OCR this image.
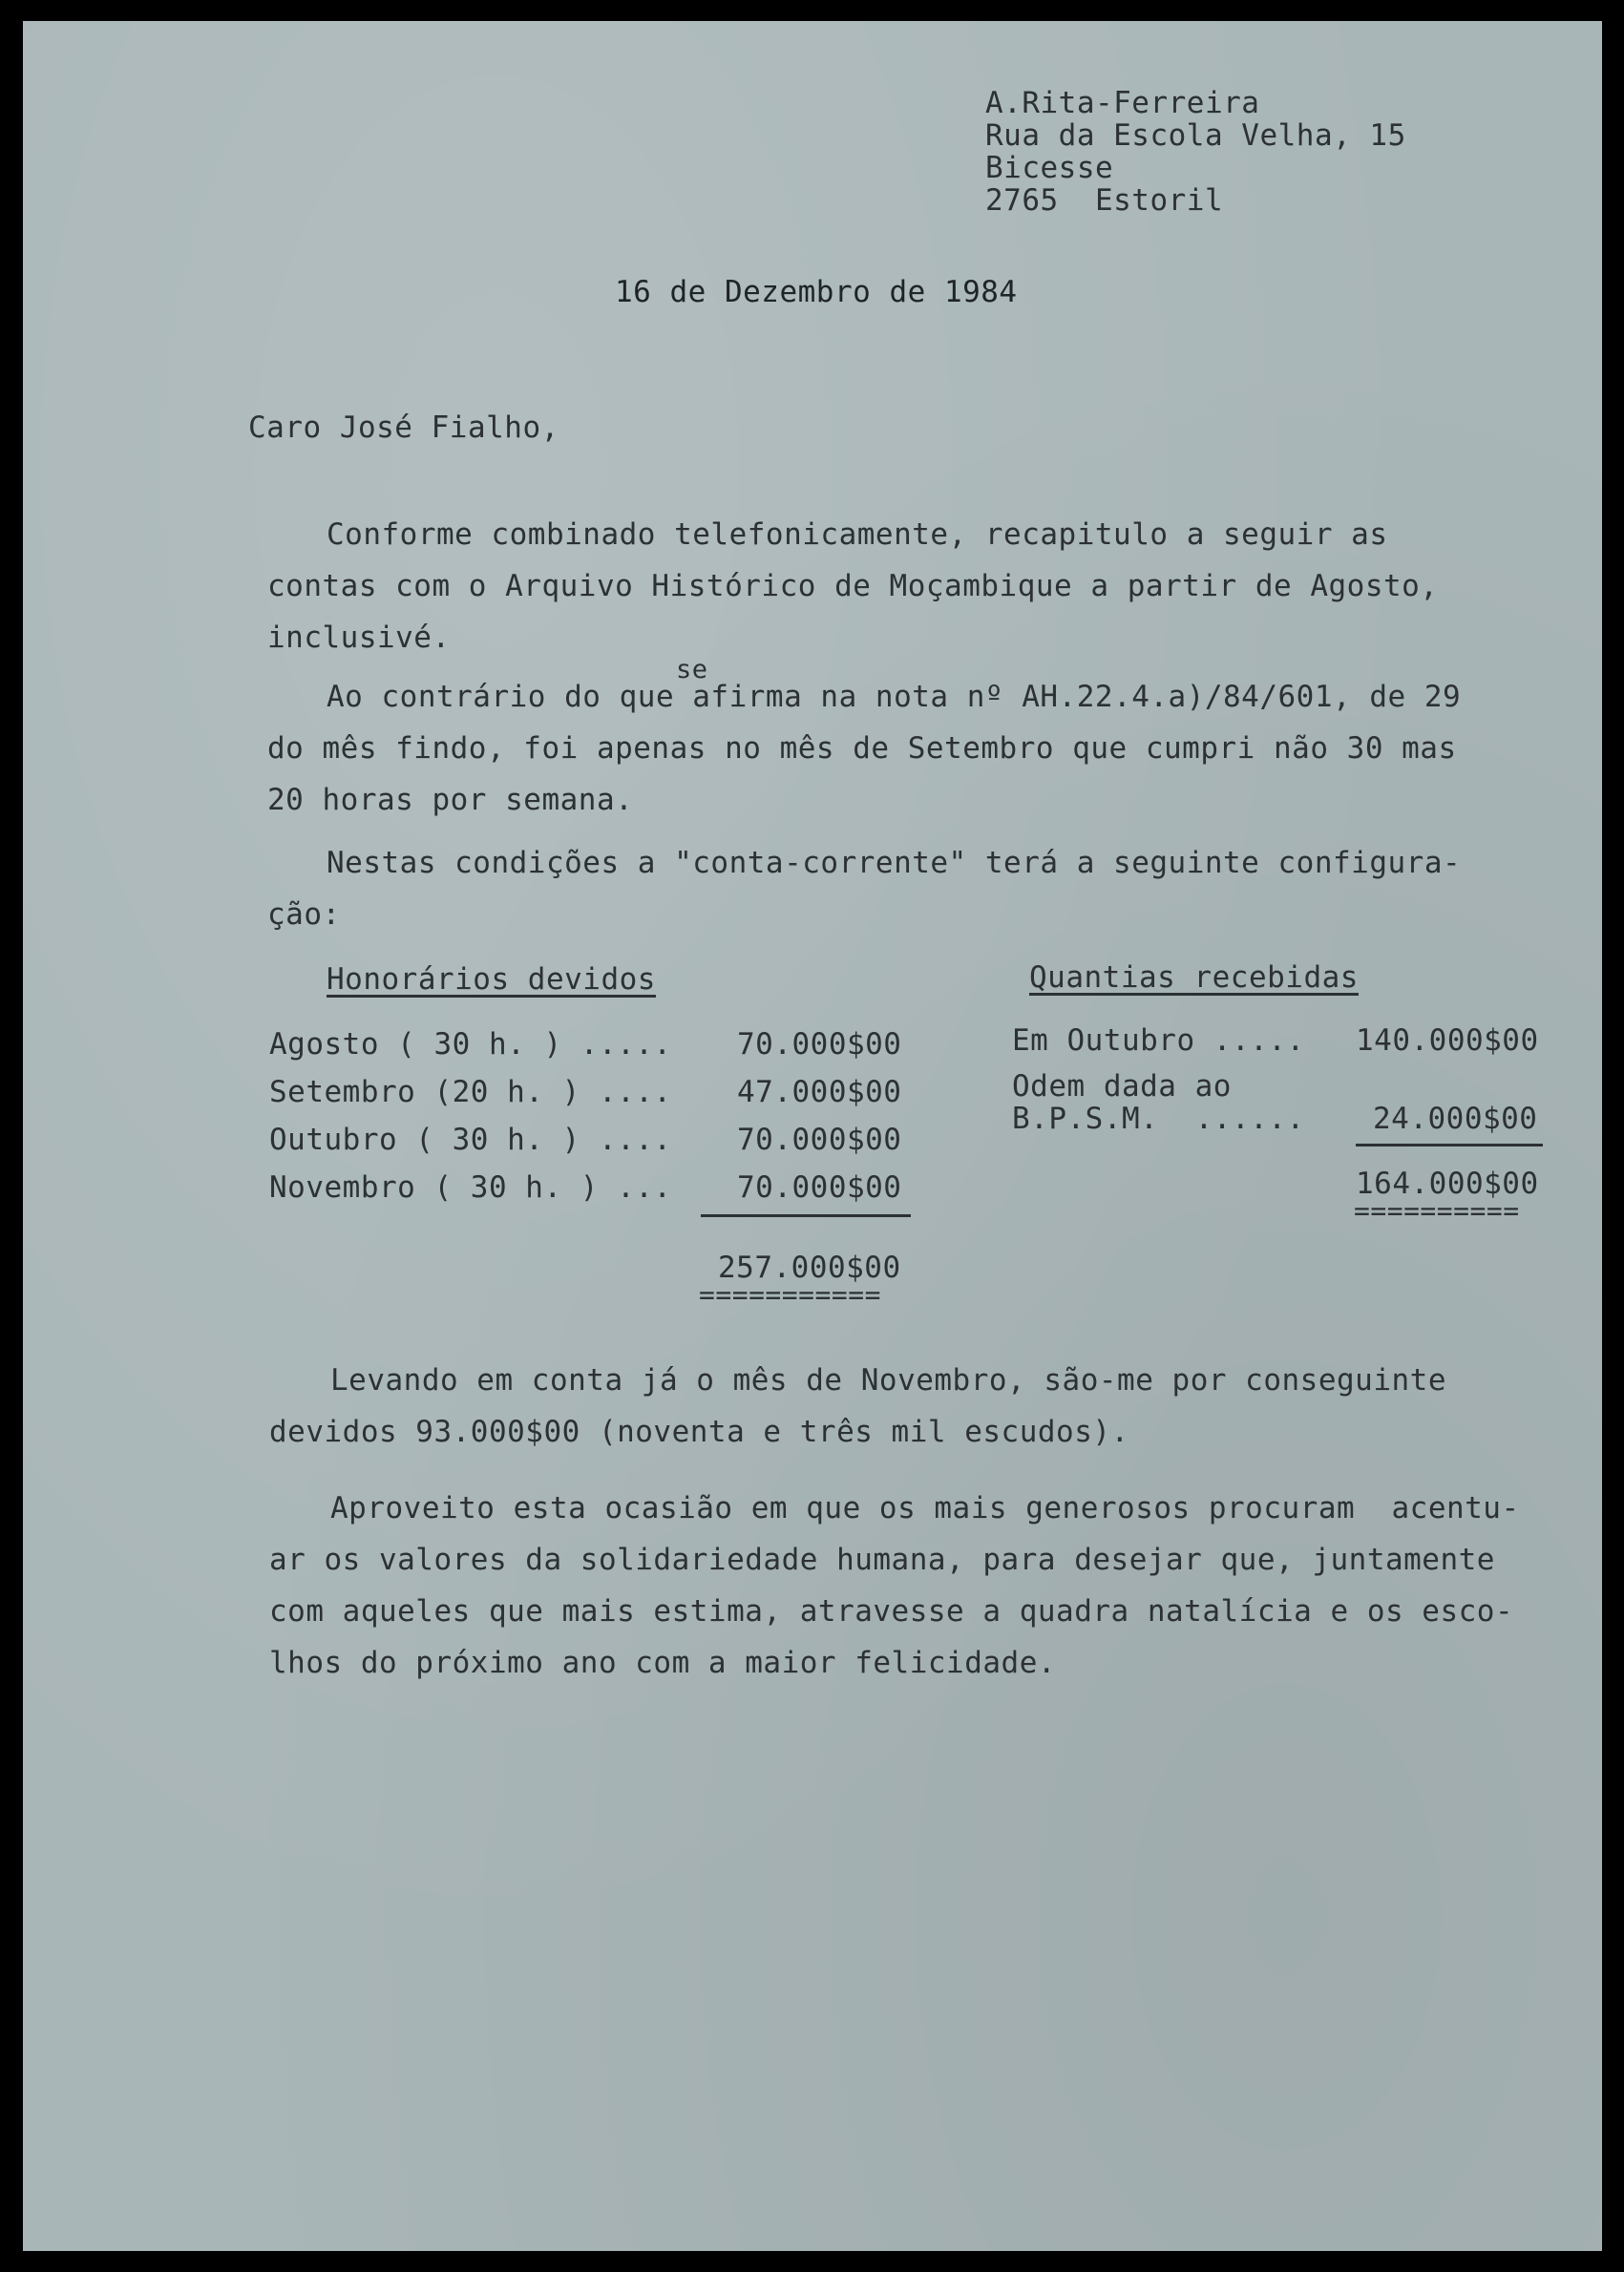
A.Rita-Ferreira
Rua da Escola Velha, 15
Bicesse
2765  Estoril
16 de Dezembro de 1984
Caro José Fialho,
Conforme combinado telefonicamente, recapitulo a seguir as
contas com o Arquivo Histórico de Moçambique a partir de Agosto,
inclusivé.
se
Ao contrário do que afirma na nota nº AH.22.4.a)/84/601, de 29
do mês findo, foi apenas no mês de Setembro que cumpri não 30 mas
20 horas por semana.
Nestas condições a "conta-corrente" terá a seguinte configura-
ção:
Honorários devidos
Agosto ( 30 h. ) ..... 70.000$00
Setembro (20 h. ) .... 47.000$00
Outubro ( 30 h. ) .... 70.000$00
Novembro ( 30 h. ) ... 70.000$00
257.000$00
===========
Quantias recebidas
Em Outubro ..... 140.000$00
Odem dada ao
B.P.S.M.  ...... 24.000$00
164.000$00
==========
Levando em conta já o mês de Novembro, são-me por conseguinte
devidos 93.000$00 (noventa e três mil escudos).
Aproveito esta ocasião em que os mais generosos procuram  acentu-
ar os valores da solidariedade humana, para desejar que, juntamente
com aqueles que mais estima, atravesse a quadra natalícia e os esco-
lhos do próximo ano com a maior felicidade.
